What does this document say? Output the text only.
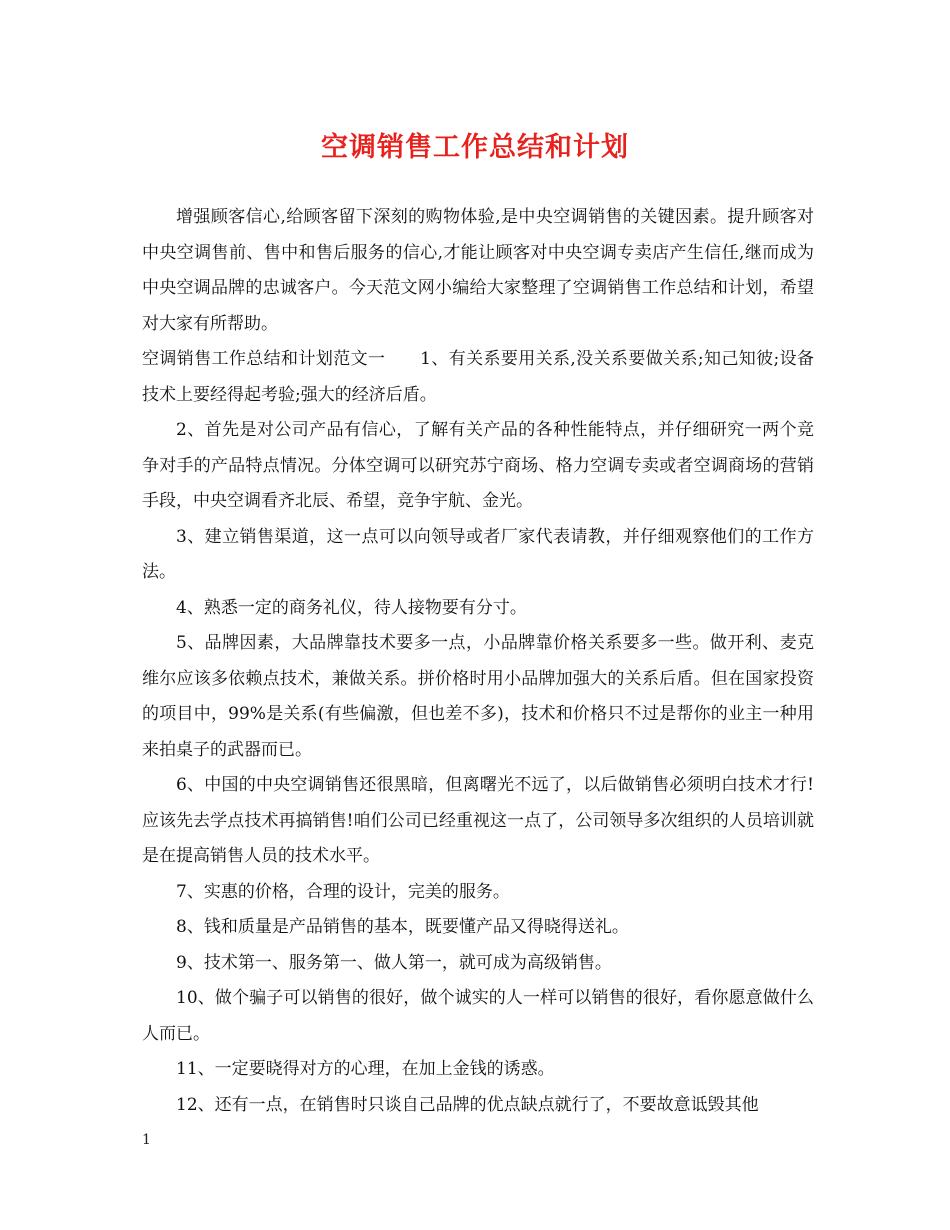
空调销售工作总结和计划

增强顾客信心,给顾客留下深刻的购物体验,是中央空调销售的关键因素。提升顾客对中央空调售前、售中和售后服务的信心,才能让顾客对中央空调专卖店产生信任,继而成为中央空调品牌的忠诚客户。今天范文网小编给大家整理了空调销售工作总结和计划，希望对大家有所帮助。

空调销售工作总结和计划范文一　　1、有关系要用关系,没关系要做关系;知己知彼;设备技术上要经得起考验;强大的经济后盾。

2、首先是对公司产品有信心，了解有关产品的各种性能特点，并仔细研究一两个竞争对手的产品特点情况。分体空调可以研究苏宁商场、格力空调专卖或者空调商场的营销手段，中央空调看齐北辰、希望，竞争宇航、金光。

3、建立销售渠道，这一点可以向领导或者厂家代表请教，并仔细观察他们的工作方法。

4、熟悉一定的商务礼仪，待人接物要有分寸。

5、品牌因素，大品牌靠技术要多一点，小品牌靠价格关系要多一些。做开利、麦克维尔应该多依赖点技术，兼做关系。拼价格时用小品牌加强大的关系后盾。但在国家投资的项目中，99%是关系(有些偏激，但也差不多)，技术和价格只不过是帮你的业主一种用来拍桌子的武器而已。

6、中国的中央空调销售还很黑暗，但离曙光不远了，以后做销售必须明白技术才行!应该先去学点技术再搞销售!咱们公司已经重视这一点了，公司领导多次组织的人员培训就是在提高销售人员的技术水平。

7、实惠的价格，合理的设计，完美的服务。

8、钱和质量是产品销售的基本，既要懂产品又得晓得送礼。

9、技术第一、服务第一、做人第一，就可成为高级销售。

10、做个骗子可以销售的很好，做个诚实的人一样可以销售的很好，看你愿意做什么人而已。

11、一定要晓得对方的心理，在加上金钱的诱惑。

12、还有一点，在销售时只谈自己品牌的优点缺点就行了，不要故意诋毁其他

1
